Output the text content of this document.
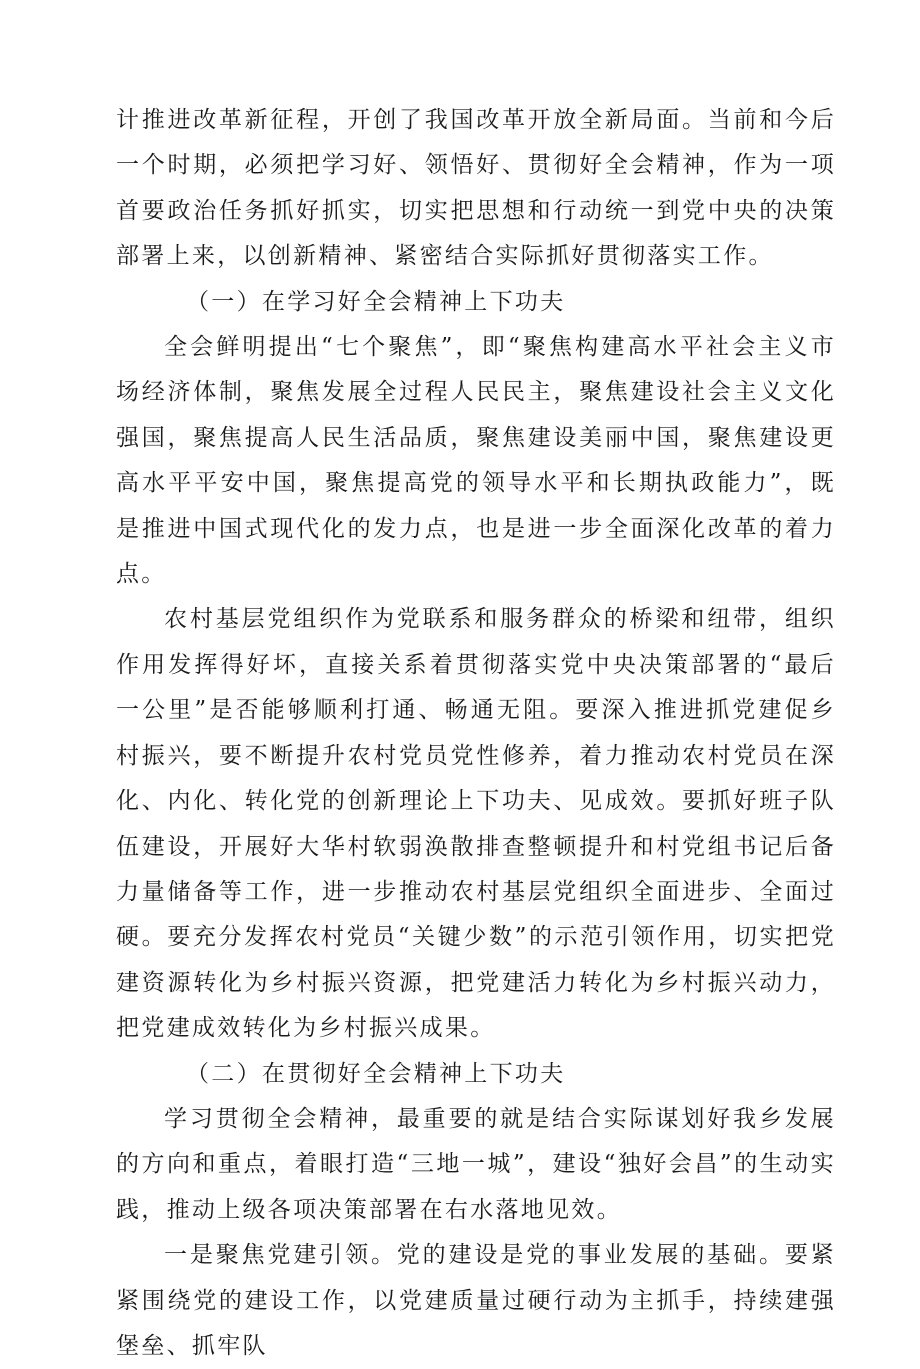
计推进改革新征程，开创了我国改革开放全新局面。当前和今后一个时期，必须把学习好、领悟好、贯彻好全会精神，作为一项首要政治任务抓好抓实，切实把思想和行动统一到党中央的决策部署上来，以创新精神、紧密结合实际抓好贯彻落实工作。

（一）在学习好全会精神上下功夫

全会鲜明提出“七个聚焦”，即“聚焦构建高水平社会主义市场经济体制，聚焦发展全过程人民民主，聚焦建设社会主义文化强国，聚焦提高人民生活品质，聚焦建设美丽中国，聚焦建设更高水平平安中国，聚焦提高党的领导水平和长期执政能力”，既是推进中国式现代化的发力点，也是进一步全面深化改革的着力点。

农村基层党组织作为党联系和服务群众的桥梁和纽带，组织作用发挥得好坏，直接关系着贯彻落实党中央决策部署的“最后一公里”是否能够顺利打通、畅通无阻。要深入推进抓党建促乡村振兴，要不断提升农村党员党性修养，着力推动农村党员在深化、内化、转化党的创新理论上下功夫、见成效。要抓好班子队伍建设，开展好大华村软弱涣散排查整顿提升和村党组书记后备力量储备等工作，进一步推动农村基层党组织全面进步、全面过硬。要充分发挥农村党员“关键少数”的示范引领作用，切实把党建资源转化为乡村振兴资源，把党建活力转化为乡村振兴动力，把党建成效转化为乡村振兴成果。

（二）在贯彻好全会精神上下功夫

学习贯彻全会精神，最重要的就是结合实际谋划好我乡发展的方向和重点，着眼打造“三地一城”，建设“独好会昌”的生动实践，推动上级各项决策部署在右水落地见效。

一是聚焦党建引领。党的建设是党的事业发展的基础。要紧紧围绕党的建设工作，以党建质量过硬行动为主抓手，持续建强堡垒、抓牢队
